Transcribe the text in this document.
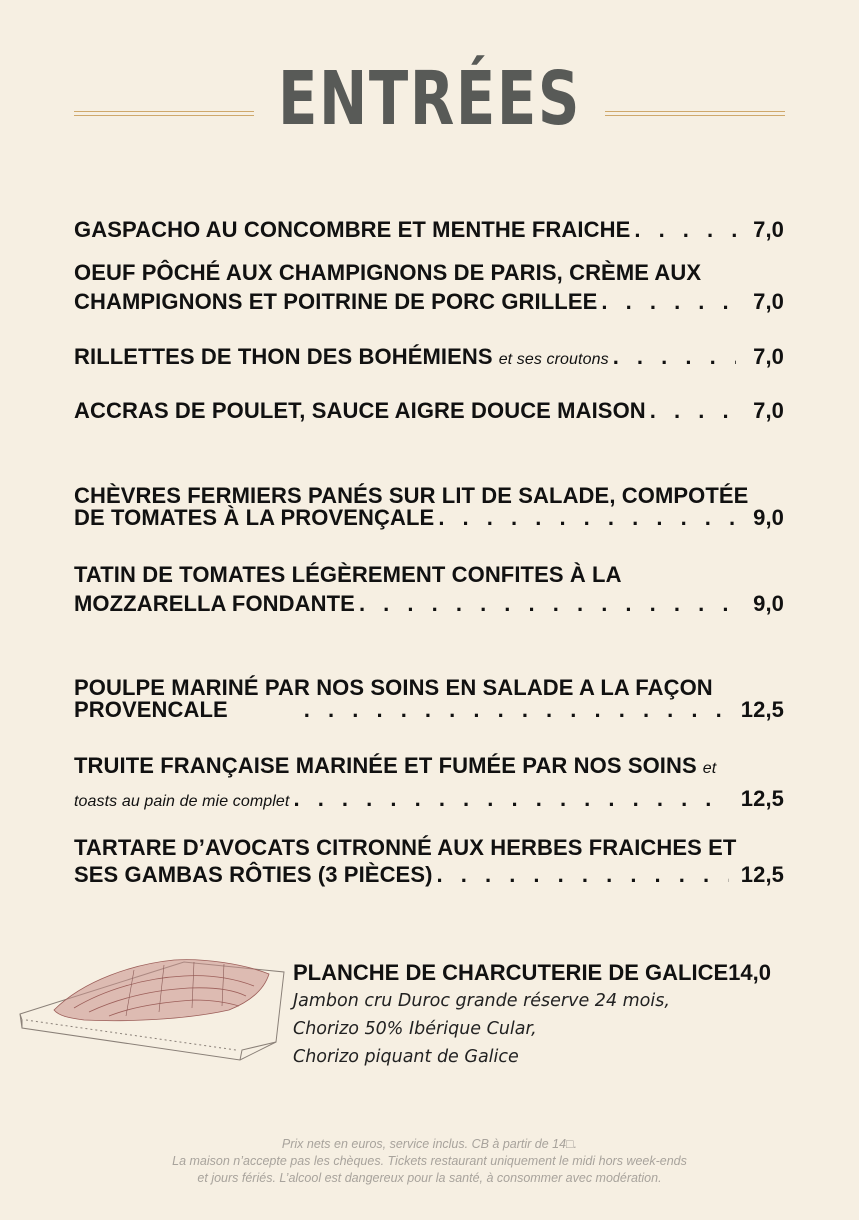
ENTRÉES
GASPACHO AU CONCOMBRE ET MENTHE FRAICHE . . .	7,0
OEUF PÔCHÉ AUX CHAMPIGNONS DE PARIS, CRÈME AUX
CHAMPIGNONS ET POITRINE DE PORC GRILLEE . . .	7,0
RILLETTES DE THON DES BOHÉMIENS et ses croutons . . .	7,0
ACCRAS DE POULET, SAUCE AIGRE DOUCE MAISON . . .	7,0
CHÈVRES FERMIERS PANÉS SUR LIT DE SALADE, COMPOTÉE
DE TOMATES À LA PROVENÇALE . . .	9,0
TATIN DE TOMATES LÉGÈREMENT CONFITES À LA
MOZZARELLA FONDANTE . . .	9,0
POULPE MARINÉ PAR NOS SOINS EN SALADE A LA FAÇON
PROVENCALE . . .	12,5
TRUITE FRANÇAISE MARINÉE ET FUMÉE PAR NOS SOINS et
toasts au pain de mie complet . . .	12,5
TARTARE D’AVOCATS CITRONNÉ AUX HERBES FRAICHES ET
SES GAMBAS RÔTIES (3 PIÈCES) . . .	12,5
PLANCHE DE CHARCUTERIE DE GALICE14,0
Jambon cru Duroc grande réserve 24 mois,
Chorizo 50% Ibérique Cular,
Chorizo piquant de Galice
Prix nets en euros, service inclus. CB à partir de 14□.
La maison n’accepte pas les chèques. Tickets restaurant uniquement le midi hors week-ends
et jours fériés. L’alcool est dangereux pour la santé, à consommer avec modération.
